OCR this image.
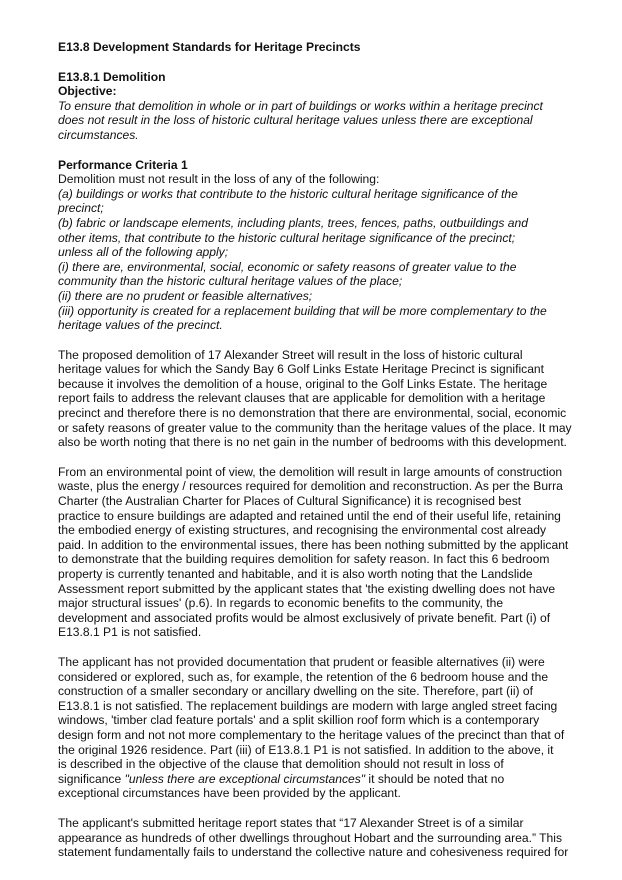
E13.8 Development Standards for Heritage Precincts
E13.8.1 Demolition
Objective:
To ensure that demolition in whole or in part of buildings or works within a heritage precinct
does not result in the loss of historic cultural heritage values unless there are exceptional
circumstances.
Performance Criteria 1
Demolition must not result in the loss of any of the following:
(a) buildings or works that contribute to the historic cultural heritage significance of the
precinct;
(b) fabric or landscape elements, including plants, trees, fences, paths, outbuildings and
other items, that contribute to the historic cultural heritage significance of the precinct;
unless all of the following apply;
(i) there are, environmental, social, economic or safety reasons of greater value to the
community than the historic cultural heritage values of the place;
(ii) there are no prudent or feasible alternatives;
(iii) opportunity is created for a replacement building that will be more complementary to the
heritage values of the precinct.
The proposed demolition of 17 Alexander Street will result in the loss of historic cultural
heritage values for which the Sandy Bay 6 Golf Links Estate Heritage Precinct is significant
because it involves the demolition of a house, original to the Golf Links Estate. The heritage
report fails to address the relevant clauses that are applicable for demolition with a heritage
precinct and therefore there is no demonstration that there are environmental, social, economic
or safety reasons of greater value to the community than the heritage values of the place. It may
also be worth noting that there is no net gain in the number of bedrooms with this development.
From an environmental point of view, the demolition will result in large amounts of construction
waste, plus the energy / resources required for demolition and reconstruction. As per the Burra
Charter (the Australian Charter for Places of Cultural Significance) it is recognised best
practice to ensure buildings are adapted and retained until the end of their useful life, retaining
the embodied energy of existing structures, and recognising the environmental cost already
paid. In addition to the environmental issues, there has been nothing submitted by the applicant
to demonstrate that the building requires demolition for safety reason. In fact this 6 bedroom
property is currently tenanted and habitable, and it is also worth noting that the Landslide
Assessment report submitted by the applicant states that 'the existing dwelling does not have
major structural issues' (p.6). In regards to economic benefits to the community, the
development and associated profits would be almost exclusively of private benefit. Part (i) of
E13.8.1 P1 is not satisfied.
The applicant has not provided documentation that prudent or feasible alternatives (ii) were
considered or explored, such as, for example, the retention of the 6 bedroom house and the
construction of a smaller secondary or ancillary dwelling on the site. Therefore, part (ii) of
E13.8.1 is not satisfied. The replacement buildings are modern with large angled street facing
windows, 'timber clad feature portals' and a split skillion roof form which is a contemporary
design form and not not more complementary to the heritage values of the precinct than that of
the original 1926 residence. Part (iii) of E13.8.1 P1 is not satisfied. In addition to the above, it
is described in the objective of the clause that demolition should not result in loss of
significance "unless there are exceptional circumstances" it should be noted that no
exceptional circumstances have been provided by the applicant.
The applicant's submitted heritage report states that “17 Alexander Street is of a similar
appearance as hundreds of other dwellings throughout Hobart and the surrounding area.” This
statement fundamentally fails to understand the collective nature and cohesiveness required for
